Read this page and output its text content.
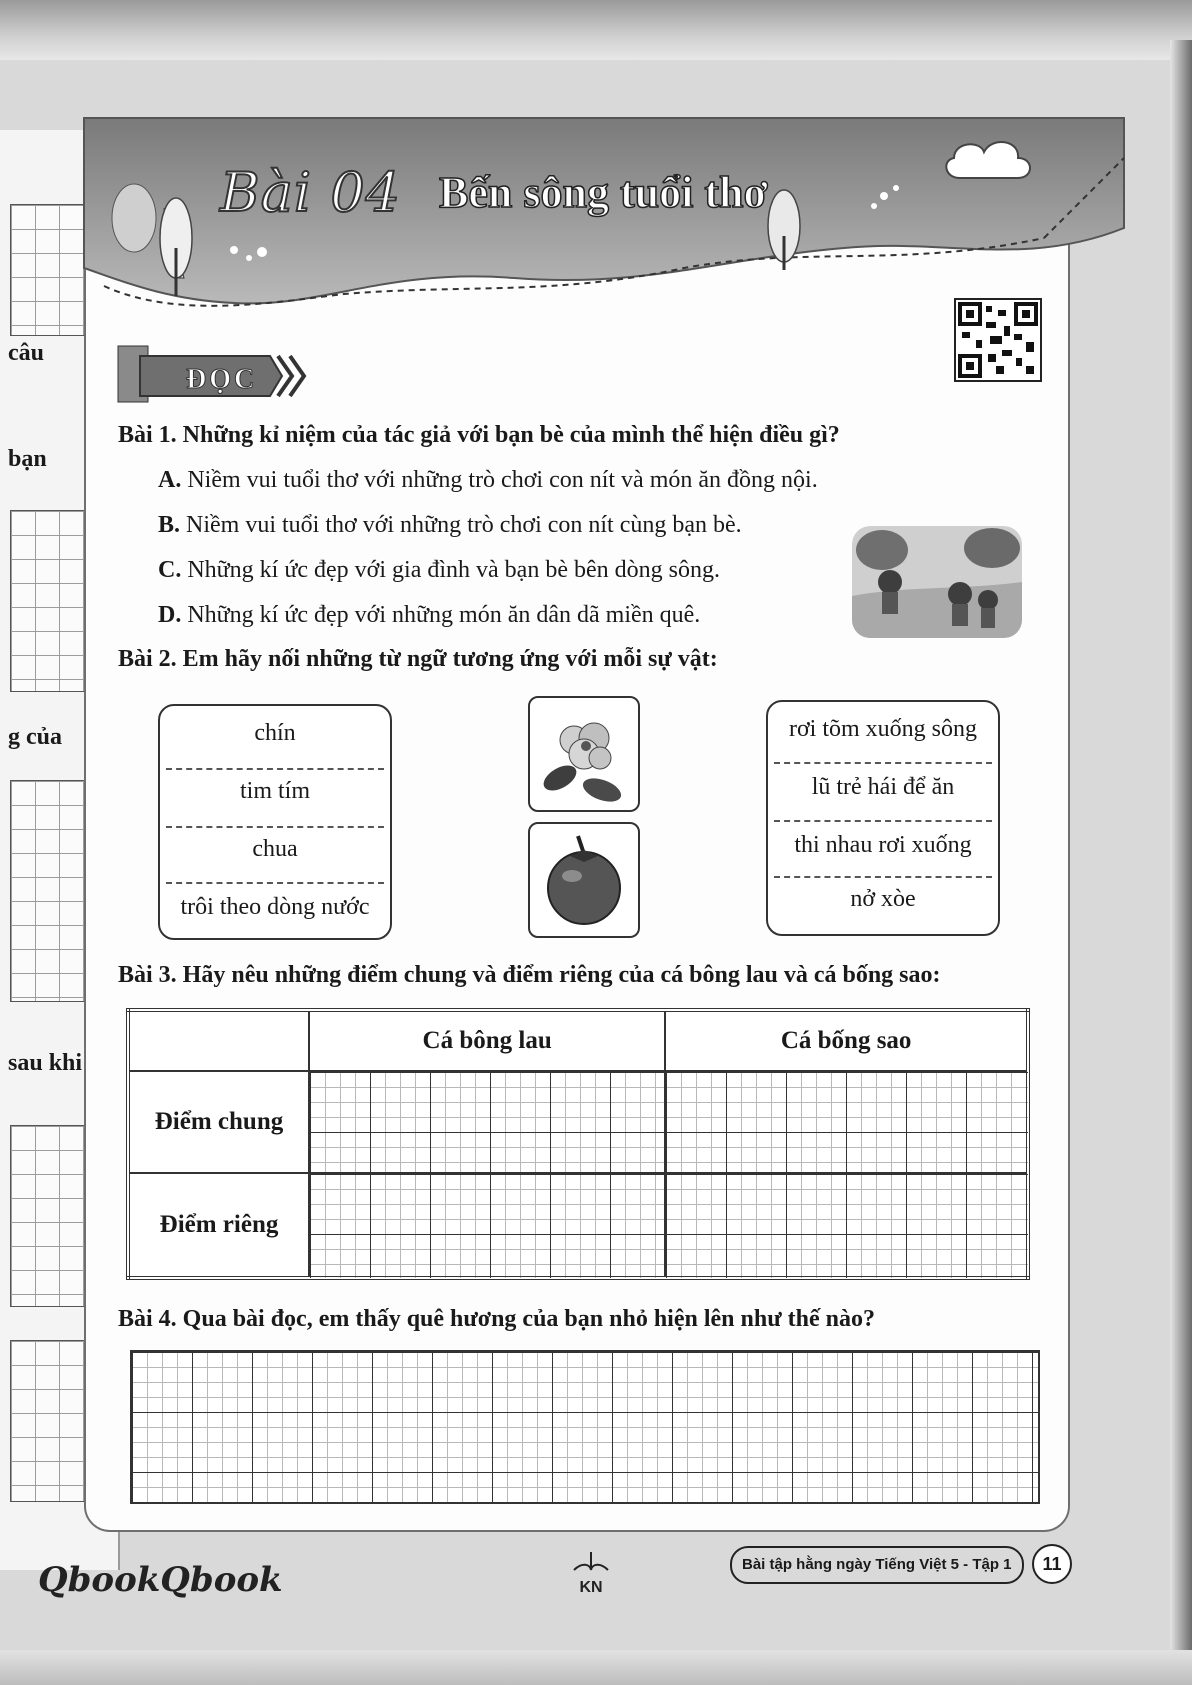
câu
bạn
g của
sau khi
Bài 04 Bến sông tuổi thơ
ĐỌC
Bài 1. Những kỉ niệm của tác giả với bạn bè của mình thể hiện điều gì?
A. Niềm vui tuổi thơ với những trò chơi con nít và món ăn đồng nội.
B. Niềm vui tuổi thơ với những trò chơi con nít cùng bạn bè.
C. Những kí ức đẹp với gia đình và bạn bè bên dòng sông.
D. Những kí ức đẹp với những món ăn dân dã miền quê.
Bài 2. Em hãy nối những từ ngữ tương ứng với mỗi sự vật:
chín
tim tím
chua
trôi theo dòng nước
rơi tõm xuống sông
lũ trẻ hái để ăn
thi nhau rơi xuống
nở xòe
Bài 3. Hãy nêu những điểm chung và điểm riêng của cá bông lau và cá bống sao:
	Cá bông lau	Cá bống sao
Điểm chung		
Điểm riêng		
Bài 4. Qua bài đọc, em thấy quê hương của bạn nhỏ hiện lên như thế nào?
QbookQbook	KN
Bài tập hằng ngày Tiếng Việt 5 - Tập 1	11
